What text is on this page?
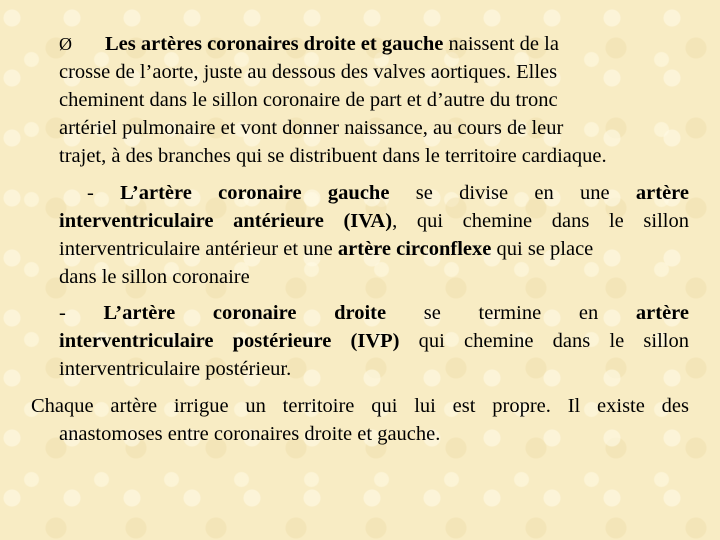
Ø Les artères coronaires droite et gauche naissent de la
crosse de l’aorte, juste au dessous des valves aortiques. Elles
cheminent dans le sillon coronaire de part et d’autre du tronc
artériel pulmonaire et vont donner naissance, au cours de leur
trajet, à des branches qui se distribuent dans le territoire cardiaque.
- L’artère coronaire gauche se divise en une artère
interventriculaire antérieure (IVA), qui chemine dans le sillon
interventriculaire antérieur et une artère circonflexe qui se place
dans le sillon coronaire
- L’artère coronaire droite se termine en artère
interventriculaire postérieure (IVP) qui chemine dans le sillon
interventriculaire postérieur.
Chaque artère irrigue un territoire qui lui est propre. Il existe des
anastomoses entre coronaires droite et gauche.
